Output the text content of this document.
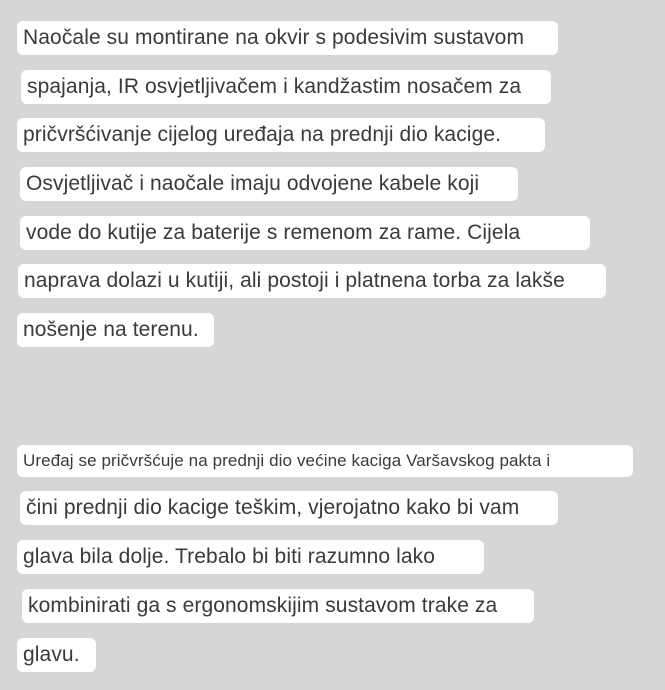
Naočale su montirane na okvir s podesivim sustavom
spajanja, IR osvjetljivačem i kandžastim nosačem za
pričvršćivanje cijelog uređaja na prednji dio kacige.
Osvjetljivač i naočale imaju odvojene kabele koji
vode do kutije za baterije s remenom za rame. Cijela
naprava dolazi u kutiji, ali postoji i platnena torba za lakše
nošenje na terenu.
Uređaj se pričvršćuje na prednji dio većine kaciga Varšavskog pakta i
čini prednji dio kacige teškim, vjerojatno kako bi vam
glava bila dolje. Trebalo bi biti razumno lako
kombinirati ga s ergonomskijim sustavom trake za
glavu.
